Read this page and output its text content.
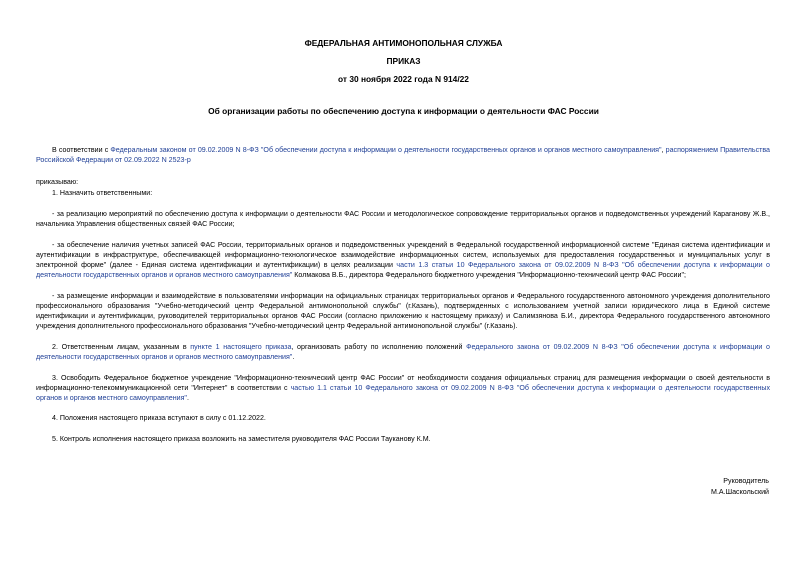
ФЕДЕРАЛЬНАЯ АНТИМОНОПОЛЬНАЯ СЛУЖБА
ПРИКАЗ
от 30 ноября 2022 года N 914/22
Об организации работы по обеспечению доступа к информации о деятельности ФАС России
В соответствии с Федеральным законом от 09.02.2009 N 8-ФЗ "Об обеспечении доступа к информации о деятельности государственных органов и органов местного самоуправления", распоряжением Правительства Российской Федерации от 02.09.2022 N 2523-р
приказываю:
1. Назначить ответственными:
- за реализацию мероприятий по обеспечению доступа к информации о деятельности ФАС России и методологическое сопровождение территориальных органов и подведомственных учреждений Караганову Ж.В., начальника Управления общественных связей ФАС России;
- за обеспечение наличия учетных записей ФАС России, территориальных органов и подведомственных учреждений в Федеральной государственной информационной системе "Единая система идентификации и аутентификации в инфраструктуре, обеспечивающей информационно-технологическое взаимодействие информационных систем, используемых для предоставления государственных и муниципальных услуг в электронной форме" (далее - Единая система идентификации и аутентификации) в целях реализации части 1.3 статьи 10 Федерального закона от 09.02.2009 N 8-ФЗ "Об обеспечении доступа к информации о деятельности государственных органов и органов местного самоуправления" Колмакова В.Б., директора Федерального бюджетного учреждения "Информационно-технический центр ФАС России";
- за размещение информации и взаимодействие в пользователями информации на официальных страницах территориальных органов и Федерального государственного автономного учреждения дополнительного профессионального образования "Учебно-методический центр Федеральной антимонопольной службы" (г.Казань), подтвержденных с использованием учетной записи юридического лица в Единой системе идентификации и аутентификации, руководителей территориальных органов ФАС России (согласно приложению к настоящему приказу) и Салимзянова Б.И., директора Федерального государственного автономного учреждения дополнительного профессионального образования "Учебно-методический центр Федеральной антимонопольной службы" (г.Казань).
2. Ответственным лицам, указанным в пункте 1 настоящего приказа, организовать работу по исполнению положений Федерального закона от 09.02.2009 N 8-ФЗ "Об обеспечении доступа к информации о деятельности государственных органов и органов местного самоуправления".
3. Освободить Федеральное бюджетное учреждение "Информационно-технический центр ФАС России" от необходимости создания официальных страниц для размещения информации о своей деятельности в информационно-телекоммуникационной сети "Интернет" в соответствии с частью 1.1 статьи 10 Федерального закона от 09.02.2009 N 8-ФЗ "Об обеспечении доступа к информации о деятельности государственных органов и органов местного самоуправления".
4. Положения настоящего приказа вступают в силу с 01.12.2022.
5. Контроль исполнения настоящего приказа возложить на заместителя руководителя ФАС России Тауканову К.М.
Руководитель
М.А.Шаскольский
